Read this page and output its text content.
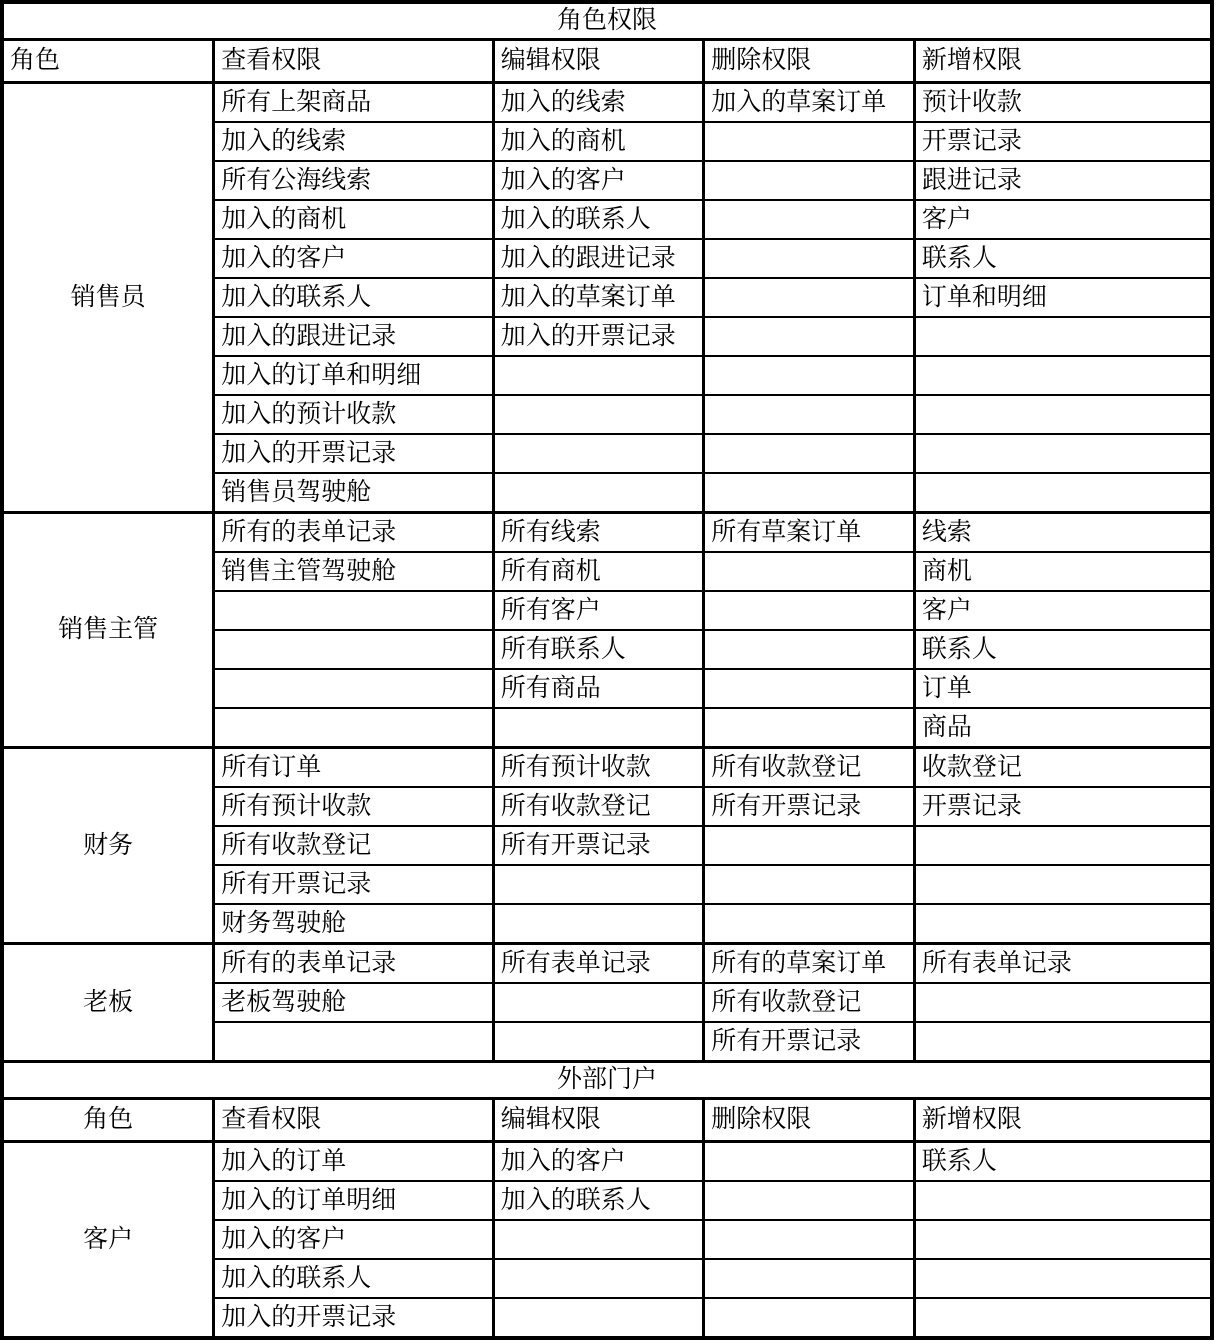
角色权限				
角色	查看权限	编辑权限	删除权限	新增权限
销售员	所有上架商品	加入的线索	加入的草案订单	预计收款
	加入的线索	加入的商机		开票记录
	所有公海线索	加入的客户		跟进记录
	加入的商机	加入的联系人		客户
	加入的客户	加入的跟进记录		联系人
	加入的联系人	加入的草案订单		订单和明细
	加入的跟进记录	加入的开票记录		
	加入的订单和明细			
	加入的预计收款			
	加入的开票记录			
	销售员驾驶舱			
销售主管	所有的表单记录	所有线索	所有草案订单	线索
	销售主管驾驶舱	所有商机		商机
		所有客户		客户
		所有联系人		联系人
		所有商品		订单
				商品
财务	所有订单	所有预计收款	所有收款登记	收款登记
	所有预计收款	所有收款登记	所有开票记录	开票记录
	所有收款登记	所有开票记录		
	所有开票记录			
	财务驾驶舱			
老板	所有的表单记录	所有表单记录	所有的草案订单	所有表单记录
	老板驾驶舱		所有收款登记	
			所有开票记录	
外部门户				
角色	查看权限	编辑权限	删除权限	新增权限
客户	加入的订单	加入的客户		联系人
	加入的订单明细	加入的联系人		
	加入的客户			
	加入的联系人			
	加入的开票记录			
